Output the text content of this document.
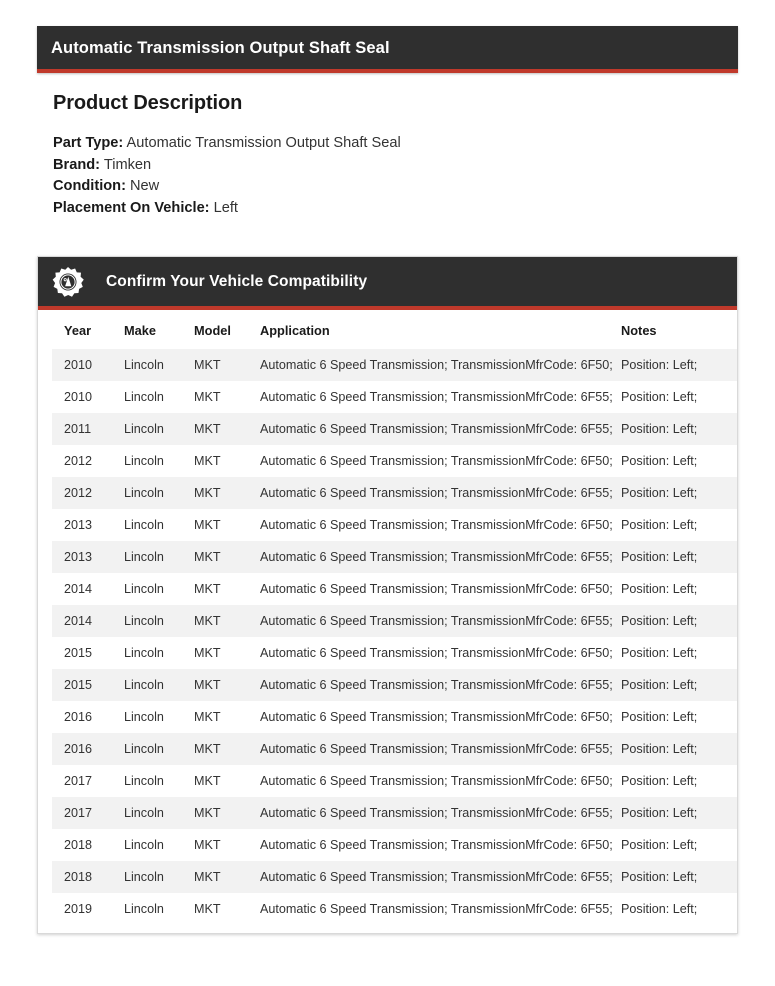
Automatic Transmission Output Shaft Seal
Product Description
Part Type: Automatic Transmission Output Shaft Seal
Brand: Timken
Condition: New
Placement On Vehicle: Left
Confirm Your Vehicle Compatibility
Year	Make	Model	Application	Notes
2010	Lincoln	MKT	Automatic 6 Speed Transmission; TransmissionMfrCode: 6F50;	Position: Left;
2010	Lincoln	MKT	Automatic 6 Speed Transmission; TransmissionMfrCode: 6F55;	Position: Left;
2011	Lincoln	MKT	Automatic 6 Speed Transmission; TransmissionMfrCode: 6F55;	Position: Left;
2012	Lincoln	MKT	Automatic 6 Speed Transmission; TransmissionMfrCode: 6F50;	Position: Left;
2012	Lincoln	MKT	Automatic 6 Speed Transmission; TransmissionMfrCode: 6F55;	Position: Left;
2013	Lincoln	MKT	Automatic 6 Speed Transmission; TransmissionMfrCode: 6F50;	Position: Left;
2013	Lincoln	MKT	Automatic 6 Speed Transmission; TransmissionMfrCode: 6F55;	Position: Left;
2014	Lincoln	MKT	Automatic 6 Speed Transmission; TransmissionMfrCode: 6F50;	Position: Left;
2014	Lincoln	MKT	Automatic 6 Speed Transmission; TransmissionMfrCode: 6F55;	Position: Left;
2015	Lincoln	MKT	Automatic 6 Speed Transmission; TransmissionMfrCode: 6F50;	Position: Left;
2015	Lincoln	MKT	Automatic 6 Speed Transmission; TransmissionMfrCode: 6F55;	Position: Left;
2016	Lincoln	MKT	Automatic 6 Speed Transmission; TransmissionMfrCode: 6F50;	Position: Left;
2016	Lincoln	MKT	Automatic 6 Speed Transmission; TransmissionMfrCode: 6F55;	Position: Left;
2017	Lincoln	MKT	Automatic 6 Speed Transmission; TransmissionMfrCode: 6F50;	Position: Left;
2017	Lincoln	MKT	Automatic 6 Speed Transmission; TransmissionMfrCode: 6F55;	Position: Left;
2018	Lincoln	MKT	Automatic 6 Speed Transmission; TransmissionMfrCode: 6F50;	Position: Left;
2018	Lincoln	MKT	Automatic 6 Speed Transmission; TransmissionMfrCode: 6F55;	Position: Left;
2019	Lincoln	MKT	Automatic 6 Speed Transmission; TransmissionMfrCode: 6F55;	Position: Left;
